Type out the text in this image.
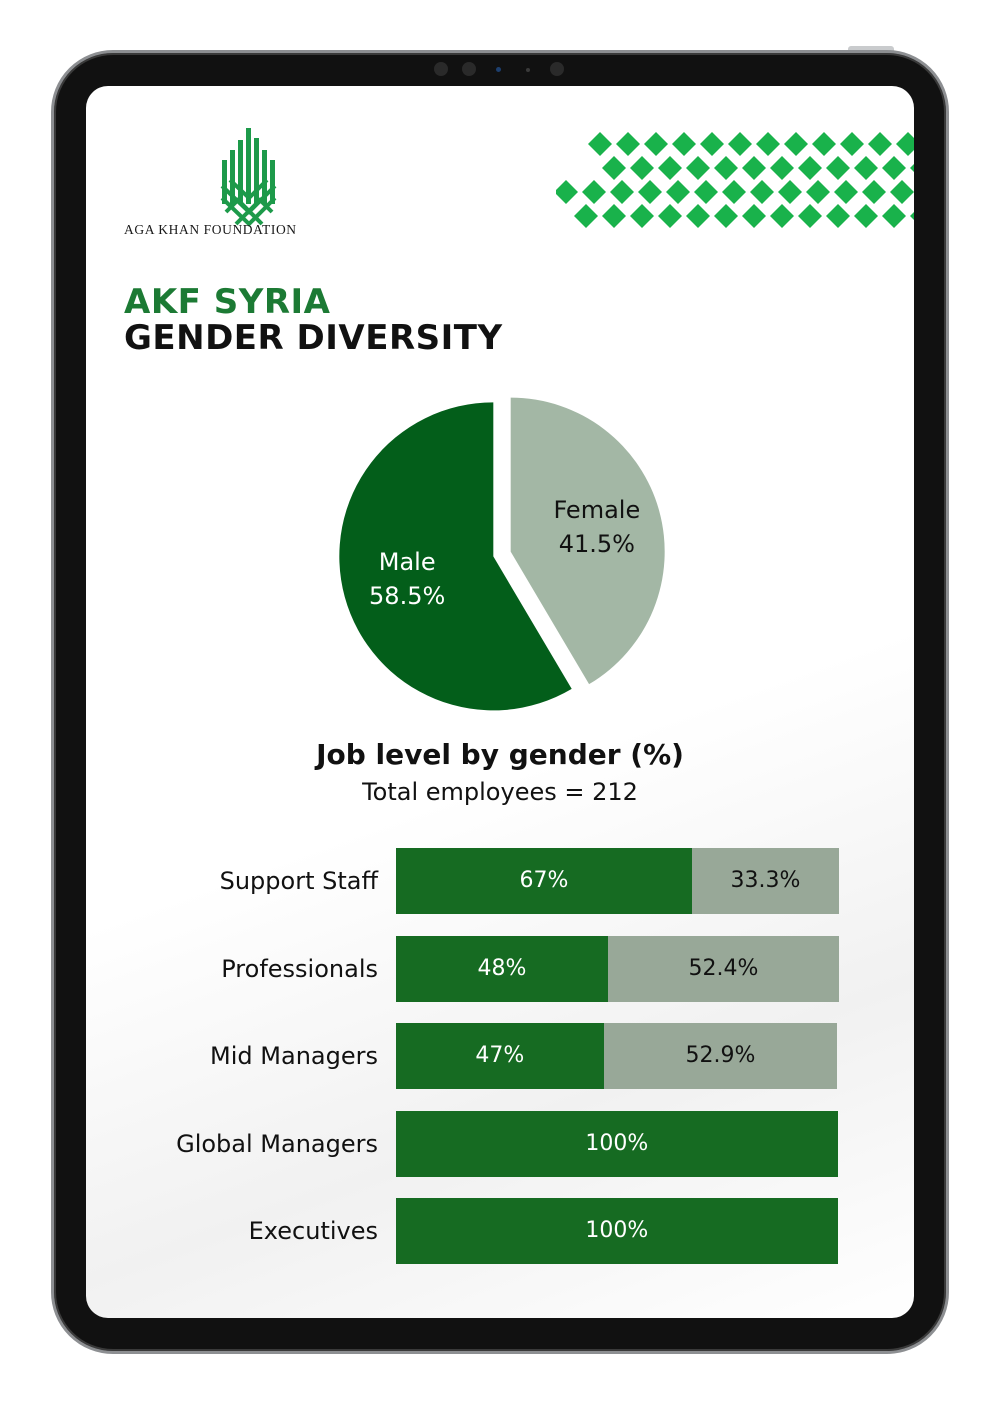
AGA KHAN FOUNDATION
AKF SYRIA
GENDER DIVERSITY
Female
41.5%
Male
58.5%
Job level by gender (%)
Total employees = 212
Support Staff	67%	33.3%
Professionals	48%	52.4%
Mid Managers	47%	52.9%
Global Managers	100%
Executives	100%
